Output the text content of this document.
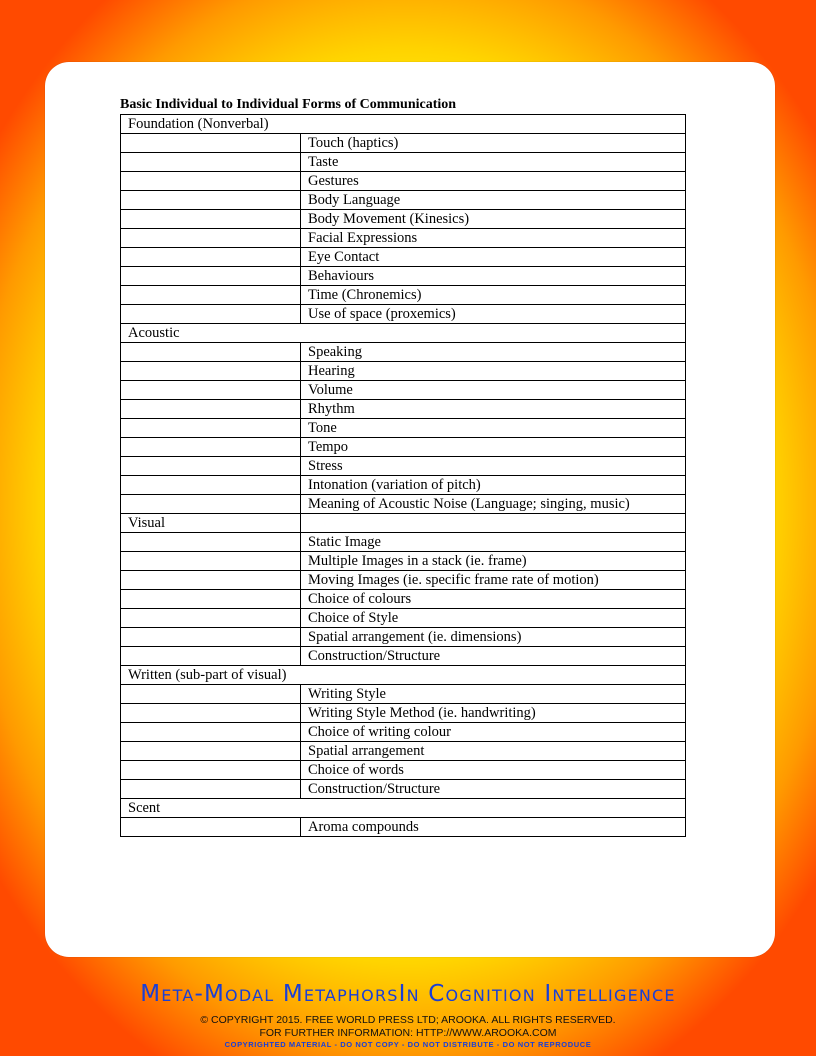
Basic Individual to Individual Forms of Communication
Foundation (Nonverbal)	
	Touch (haptics)
	Taste
	Gestures
	Body Language
	Body Movement (Kinesics)
	Facial Expressions
	Eye Contact
	Behaviours
	Time (Chronemics)
	Use of space (proxemics)
Acoustic	
	Speaking
	Hearing
	Volume
	Rhythm
	Tone
	Tempo
	Stress
	Intonation (variation of pitch)
	Meaning of Acoustic Noise (Language; singing, music)
Visual	
	Static Image
	Multiple Images in a stack (ie. frame)
	Moving Images (ie. specific frame rate of motion)
	Choice of colours
	Choice of Style
	Spatial arrangement (ie. dimensions)
	Construction/Structure
Written (sub-part of visual)	
	Writing Style
	Writing Style Method (ie. handwriting)
	Choice of writing colour
	Spatial arrangement
	Choice of words
	Construction/Structure
Scent	
	Aroma compounds
Meta-Modal MetaphorsIn Cognition Intelligence
© COPYRIGHT 2015. FREE WORLD PRESS LTD; AROOKA. ALL RIGHTS RESERVED.
FOR FURTHER INFORMATION: HTTP://WWW.AROOKA.COM
COPYRIGHTED MATERIAL - DO NOT COPY - DO NOT DISTRIBUTE - DO NOT REPRODUCE
